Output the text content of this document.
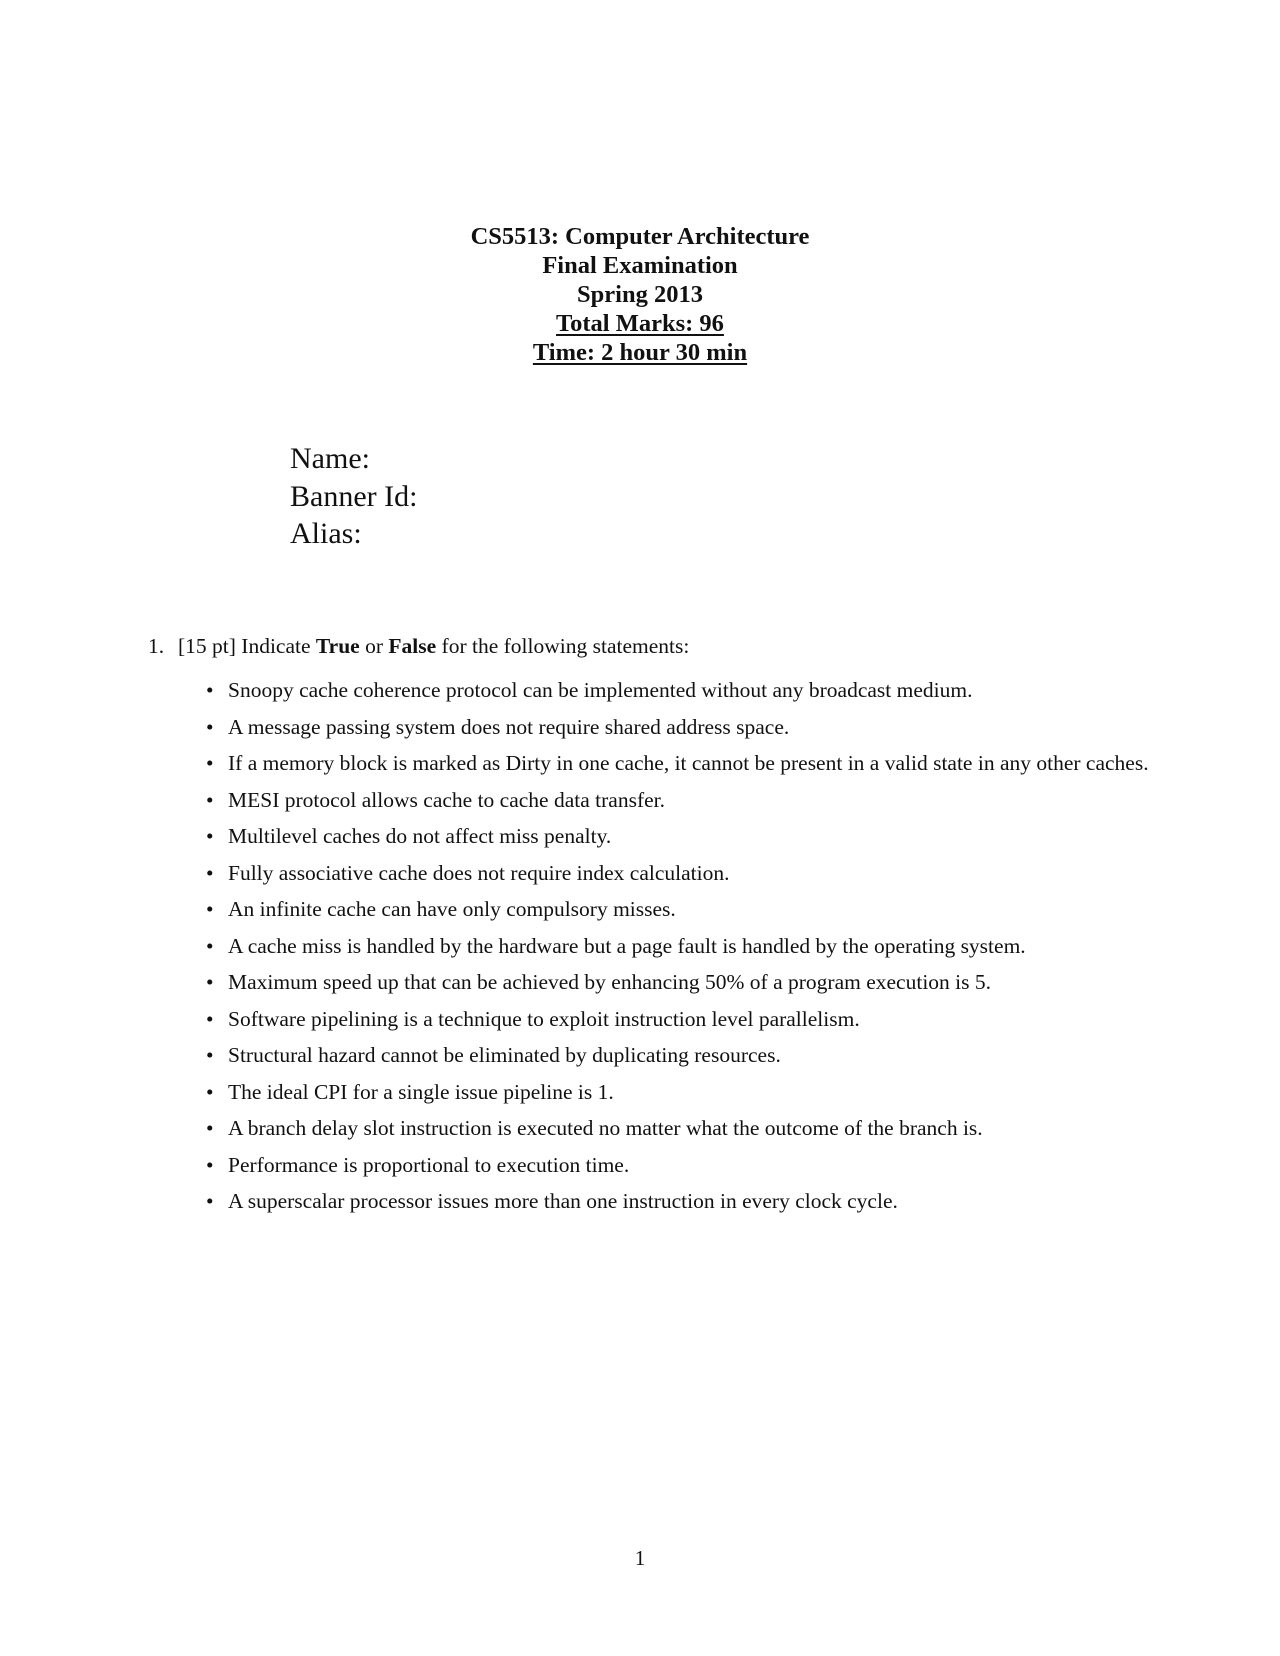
CS5513: Computer Architecture
Final Examination
Spring 2013
Total Marks: 96
Time: 2 hour 30 min
Name:
Banner Id:
Alias:
1. [15 pt] Indicate True or False for the following statements:
• Snoopy cache coherence protocol can be implemented without any broadcast medium.
• A message passing system does not require shared address space.
• If a memory block is marked as Dirty in one cache, it cannot be present in a valid state in any other caches.
• MESI protocol allows cache to cache data transfer.
• Multilevel caches do not affect miss penalty.
• Fully associative cache does not require index calculation.
• An infinite cache can have only compulsory misses.
• A cache miss is handled by the hardware but a page fault is handled by the operating system.
• Maximum speed up that can be achieved by enhancing 50% of a program execution is 5.
• Software pipelining is a technique to exploit instruction level parallelism.
• Structural hazard cannot be eliminated by duplicating resources.
• The ideal CPI for a single issue pipeline is 1.
• A branch delay slot instruction is executed no matter what the outcome of the branch is.
• Performance is proportional to execution time.
• A superscalar processor issues more than one instruction in every clock cycle.
1
